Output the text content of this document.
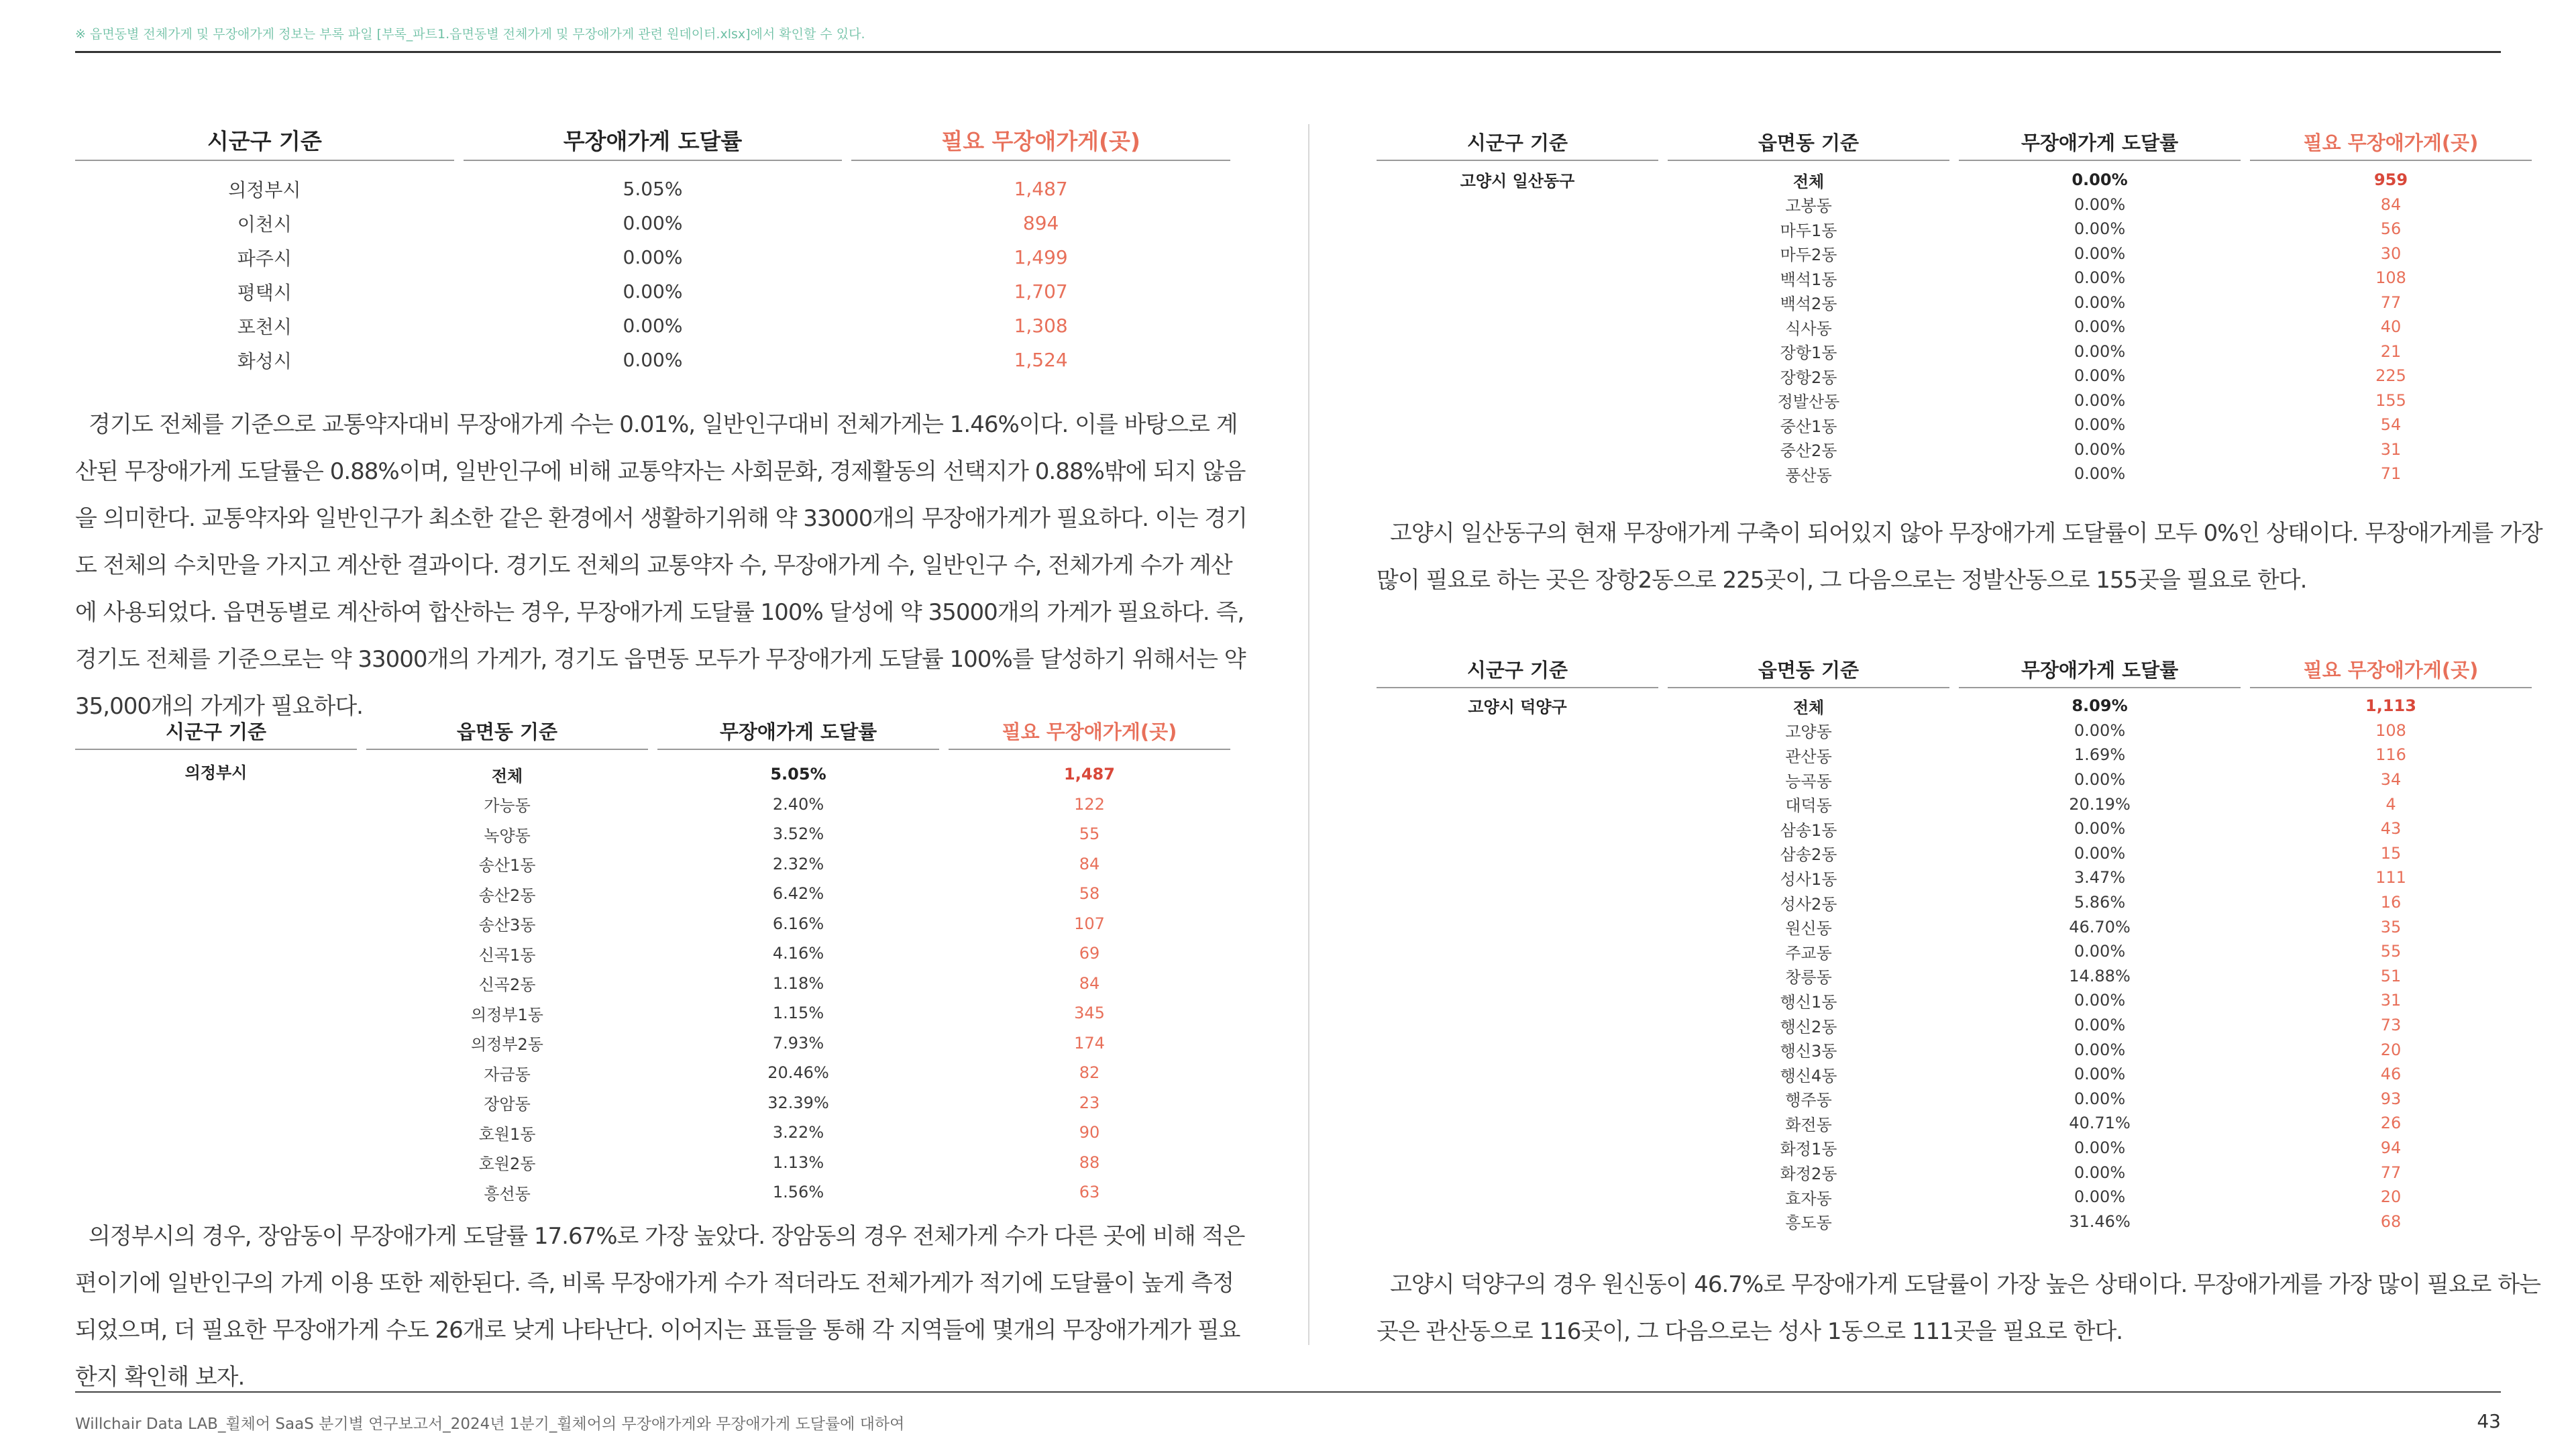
※ 읍면동별 전체가게 및 무장애가게 정보는 부록 파일 [부록_파트1.읍면동별 전체가게 및 무장애가게 관련 원데이터.xlsx]에서 확인할 수 있다.
시군구 기준	무장애가게 도달률	필요 무장애가게(곳)
의정부시	5.05%	1,487
이천시	0.00%	894
파주시	0.00%	1,499
평택시	0.00%	1,707
포천시	0.00%	1,308
화성시	0.00%	1,524
경기도 전체를 기준으로 교통약자대비 무장애가게 수는 0.01%, 일반인구대비 전체가게는 1.46%이다. 이를 바탕으로 계산된 무장애가게 도달률은 0.88%이며, 일반인구에 비해 교통약자는 사회문화, 경제활동의 선택지가 0.88%밖에 되지 않음을 의미한다. 교통약자와 일반인구가 최소한 같은 환경에서 생활하기위해 약 33000개의 무장애가게가 필요하다. 이는 경기도 전체의 수치만을 가지고 계산한 결과이다. 경기도 전체의 교통약자 수, 무장애가게 수, 일반인구 수, 전체가게 수가 계산에 사용되었다. 읍면동별로 계산하여 합산하는 경우, 무장애가게 도달률 100% 달성에 약 35000개의 가게가 필요하다. 즉, 경기도 전체를 기준으로는 약 33000개의 가게가, 경기도 읍면동 모두가 무장애가게 도달률 100%를 달성하기 위해서는 약 35,000개의 가게가 필요하다.
시군구 기준	읍면동 기준	무장애가게 도달률	필요 무장애가게(곳)
의정부시	전체	5.05%	1,487
	가능동	2.40%	122
	녹양동	3.52%	55
	송산1동	2.32%	84
	송산2동	6.42%	58
	송산3동	6.16%	107
	신곡1동	4.16%	69
	신곡2동	1.18%	84
	의정부1동	1.15%	345
	의정부2동	7.93%	174
	자금동	20.46%	82
	장암동	32.39%	23
	호원1동	3.22%	90
	호원2동	1.13%	88
	흥선동	1.56%	63
의정부시의 경우, 장암동이 무장애가게 도달률 17.67%로 가장 높았다. 장암동의 경우 전체가게 수가 다른 곳에 비해 적은 편이기에 일반인구의 가게 이용 또한 제한된다. 즉, 비록 무장애가게 수가 적더라도 전체가게가 적기에 도달률이 높게 측정되었으며, 더 필요한 무장애가게 수도 26개로 낮게 나타난다. 이어지는 표들을 통해 각 지역들에 몇개의 무장애가게가 필요한지 확인해 보자.
시군구 기준	읍면동 기준	무장애가게 도달률	필요 무장애가게(곳)
고양시 일산동구	전체	0.00%	959
	고봉동	0.00%	84
	마두1동	0.00%	56
	마두2동	0.00%	30
	백석1동	0.00%	108
	백석2동	0.00%	77
	식사동	0.00%	40
	장항1동	0.00%	21
	장항2동	0.00%	225
	정발산동	0.00%	155
	중산1동	0.00%	54
	중산2동	0.00%	31
	풍산동	0.00%	71
고양시 일산동구의 현재 무장애가게 구축이 되어있지 않아 무장애가게 도달률이 모두 0%인 상태이다. 무장애가게를 가장 많이 필요로 하는 곳은 장항2동으로 225곳이, 그 다음으로는 정발산동으로 155곳을 필요로 한다.
시군구 기준	읍면동 기준	무장애가게 도달률	필요 무장애가게(곳)
고양시 덕양구	전체	8.09%	1,113
	고양동	0.00%	108
	관산동	1.69%	116
	능곡동	0.00%	34
	대덕동	20.19%	4
	삼송1동	0.00%	43
	삼송2동	0.00%	15
	성사1동	3.47%	111
	성사2동	5.86%	16
	원신동	46.70%	35
	주교동	0.00%	55
	창릉동	14.88%	51
	행신1동	0.00%	31
	행신2동	0.00%	73
	행신3동	0.00%	20
	행신4동	0.00%	46
	행주동	0.00%	93
	화전동	40.71%	26
	화정1동	0.00%	94
	화정2동	0.00%	77
	효자동	0.00%	20
	흥도동	31.46%	68
고양시 덕양구의 경우 원신동이 46.7%로 무장애가게 도달률이 가장 높은 상태이다. 무장애가게를 가장 많이 필요로 하는 곳은 관산동으로 116곳이, 그 다음으로는 성사 1동으로 111곳을 필요로 한다.
Willchair Data LAB_휠체어 SaaS 분기별 연구보고서_2024년 1분기_휠체어의 무장애가게와 무장애가게 도달률에 대하여	43
